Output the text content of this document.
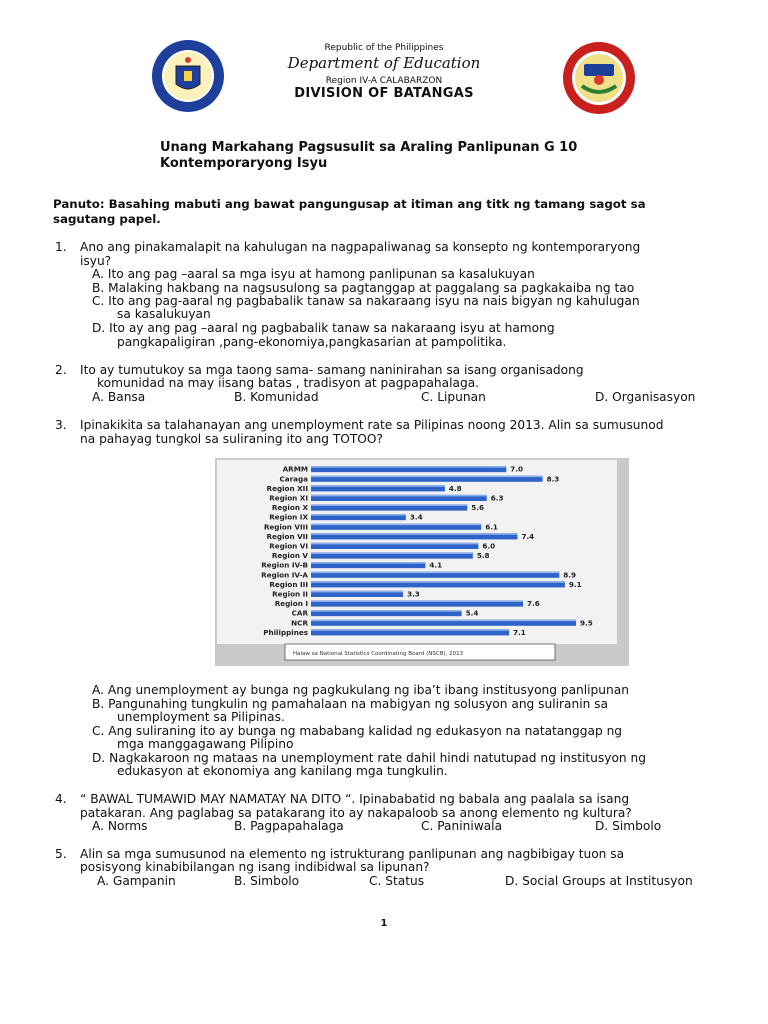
Republic of the Philippines
Department of Education
Region IV-A CALABARZON
DIVISION OF BATANGAS
Unang Markahang Pagsusulit sa Araling Panlipunan G 10
Kontemporaryong Isyu
Panuto: Basahing mabuti ang bawat pangungusap at itiman ang titk ng tamang sagot sa
sagutang papel.
1. Ano ang pinakamalapit na kahulugan na nagpapaliwanag sa konsepto ng kontemporaryong
isyu?
A. Ito ang pag –aaral sa mga isyu at hamong panlipunan sa kasalukuyan
B. Malaking hakbang na nagsusulong sa pagtanggap at paggalang sa pagkakaiba ng tao
C. Ito ang pag-aaral ng pagbabalik tanaw sa nakaraang isyu na nais bigyan ng kahulugan
sa kasalukuyan
D. Ito ay ang pag –aaral ng pagbabalik tanaw sa nakaraang isyu at hamong
pangkapaligiran ,pang-ekonomiya,pangkasarian at pampolitika.
2. Ito ay tumutukoy sa mga taong sama- samang naninirahan sa isang organisadong
komunidad na may iisang batas , tradisyon at pagpapahalaga.
A. Bansa	B. Komunidad	C. Lipunan	D. Organisasyon
3. Ipinakikita sa talahanayan ang unemployment rate sa Pilipinas noong 2013. Alin sa sumusunod
na pahayag tungkol sa suliraning ito ang TOTOO?
ARMM	7.0
Caraga	8.3
Region XII	4.8
Region XI	6.3
Region X	5.6
Region IX	3.4
Region VIII	6.1
Region VII	7.4
Region VI	6.0
Region V	5.8
Region IV-B	4.1
Region IV-A	8.9
Region III	9.1
Region II	3.3
Region I	7.6
CAR	5.4
NCR	9.5
Philippines	7.1
Halaw sa National Statistics Coordinating Board (NSCB), 2013
A. Ang unemployment ay bunga ng pagkukulang ng iba’t ibang institusyong panlipunan
B. Pangunahing tungkulin ng pamahalaan na mabigyan ng solusyon ang suliranin sa
unemployment sa Pilipinas.
C. Ang suliraning ito ay bunga ng mababang kalidad ng edukasyon na natatanggap ng
mga manggagawang Pilipino
D. Nagkakaroon ng mataas na unemployment rate dahil hindi natutupad ng institusyon ng
edukasyon at ekonomiya ang kanilang mga tungkulin.
4. “ BAWAL TUMAWID MAY NAMATAY NA DITO “. Ipinababatid ng babala ang paalala sa isang
patakaran. Ang paglabag sa patakarang ito ay nakapaloob sa anong elemento ng kultura?
A. Norms	B. Pagpapahalaga	C. Paniniwala	D. Simbolo
5. Alin sa mga sumusunod na elemento ng istrukturang panlipunan ang nagbibigay tuon sa
posisyong kinabibilangan ng isang indibidwal sa lipunan?
A. Gampanin	B. Simbolo	C. Status	D. Social Groups at Institusyon
1
